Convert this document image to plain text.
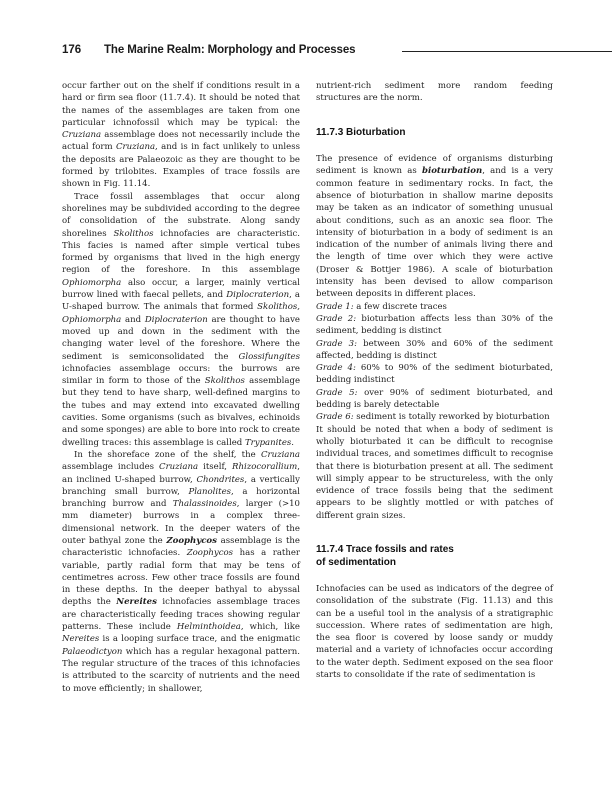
176 The Marine Realm: Morphology and Processes

occur farther out on the shelf if conditions result in a hard or firm sea floor (11.7.4). It should be noted that the names of the assemblages are taken from one particular ichnofossil which may be typical: the Cruziana assemblage does not necessarily include the actual form Cruziana, and is in fact unlikely to unless the deposits are Palaeozoic as they are thought to be formed by trilobites. Examples of trace fossils are shown in Fig. 11.14.

Trace fossil assemblages that occur along shorelines may be subdivided according to the degree of consolidation of the substrate. Along sandy shorelines Skolithos ichnofacies are characteristic. This facies is named after simple vertical tubes formed by organisms that lived in the high energy region of the foreshore. In this assemblage Ophiomorpha also occur, a larger, mainly vertical burrow lined with faecal pellets, and Diplocraterion, a U-shaped burrow. The animals that formed Skolithos, Ophiomorpha and Diplocraterion are thought to have moved up and down in the sediment with the changing water level of the foreshore. Where the sediment is semiconsolidated the Glossifungites ichnofacies assemblage occurs: the burrows are similar in form to those of the Skolithos assemblage but they tend to have sharp, well-defined margins to the tubes and may extend into excavated dwelling cavities. Some organisms (such as bivalves, echinoids and some sponges) are able to bore into rock to create dwelling traces: this assemblage is called Trypanites.

In the shoreface zone of the shelf, the Cruziana assemblage includes Cruziana itself, Rhizocorallium, an inclined U-shaped burrow, Chondrites, a vertically branching small burrow, Planolites, a horizontal branching burrow and Thalassinoides, larger (>10 mm diameter) burrows in a complex three-dimensional network. In the deeper waters of the outer bathyal zone the Zoophycos assemblage is the characteristic ichnofacies. Zoophycos has a rather variable, partly radial form that may be tens of centimetres across. Few other trace fossils are found in these depths. In the deeper bathyal to abyssal depths the Nereites ichnofacies assemblage traces are characteristically feeding traces showing regular patterns. These include Helminthoidea, which, like Nereites is a looping surface trace, and the enigmatic Palaeodictyon which has a regular hexagonal pattern. The regular structure of the traces of this ichnofacies is attributed to the scarcity of nutrients and the need to move efficiently; in shallower,

nutrient-rich sediment more random feeding structures are the norm.

11.7.3 Bioturbation

The presence of evidence of organisms disturbing sediment is known as bioturbation, and is a very common feature in sedimentary rocks. In fact, the absence of bioturbation in shallow marine deposits may be taken as an indicator of something unusual about conditions, such as an anoxic sea floor. The intensity of bioturbation in a body of sediment is an indication of the number of animals living there and the length of time over which they were active (Droser & Bottjer 1986). A scale of bioturbation intensity has been devised to allow comparison between deposits in different places.

Grade 1: a few discrete traces

Grade 2: bioturbation affects less than 30% of the sediment, bedding is distinct

Grade 3: between 30% and 60% of the sediment affected, bedding is distinct

Grade 4: 60% to 90% of the sediment bioturbated, bedding indistinct

Grade 5: over 90% of sediment bioturbated, and bedding is barely detectable

Grade 6: sediment is totally reworked by bioturbation

It should be noted that when a body of sediment is wholly bioturbated it can be difficult to recognise individual traces, and sometimes difficult to recognise that there is bioturbation present at all. The sediment will simply appear to be structureless, with the only evidence of trace fossils being that the sediment appears to be slightly mottled or with patches of different grain sizes.

11.7.4 Trace fossils and rates
of sedimentation

Ichnofacies can be used as indicators of the degree of consolidation of the substrate (Fig. 11.13) and this can be a useful tool in the analysis of a stratigraphic succession. Where rates of sedimentation are high, the sea floor is covered by loose sandy or muddy material and a variety of ichnofacies occur according to the water depth. Sediment exposed on the sea floor starts to consolidate if the rate of sedimentation is
